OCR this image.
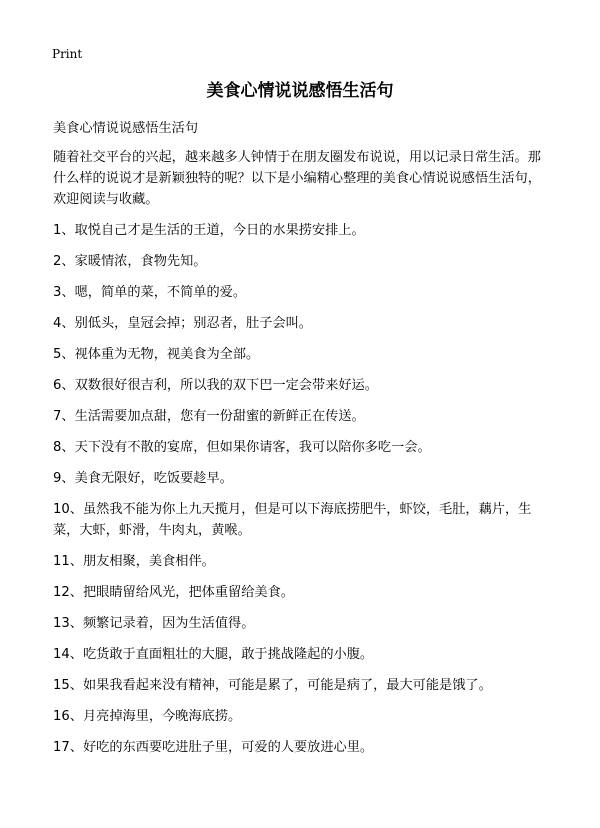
Print
美食心情说说感悟生活句

美食心情说说感悟生活句

随着社交平台的兴起，越来越多人钟情于在朋友圈发布说说，用以记录日常生活。那什么样的说说才是新颖独特的呢？以下是小编精心整理的美食心情说说感悟生活句，欢迎阅读与收藏。

1、取悦自己才是生活的王道，今日的水果捞安排上。
2、家暖情浓，食物先知。
3、嗯，简单的菜，不简单的爱。
4、别低头，皇冠会掉；别忍者，肚子会叫。
5、视体重为无物，视美食为全部。
6、双数很好很吉利，所以我的双下巴一定会带来好运。
7、生活需要加点甜，您有一份甜蜜的新鲜正在传送。
8、天下没有不散的宴席，但如果你请客，我可以陪你多吃一会。
9、美食无限好，吃饭要趁早。
10、虽然我不能为你上九天揽月，但是可以下海底捞肥牛，虾饺，毛肚，藕片，生菜，大虾，虾滑，牛肉丸，黄喉。
11、朋友相聚，美食相伴。
12、把眼睛留给风光，把体重留给美食。
13、频繁记录着，因为生活值得。
14、吃货敢于直面粗壮的大腿，敢于挑战隆起的小腹。
15、如果我看起来没有精神，可能是累了，可能是病了，最大可能是饿了。
16、月亮掉海里，今晚海底捞。
17、好吃的东西要吃进肚子里，可爱的人要放进心里。
